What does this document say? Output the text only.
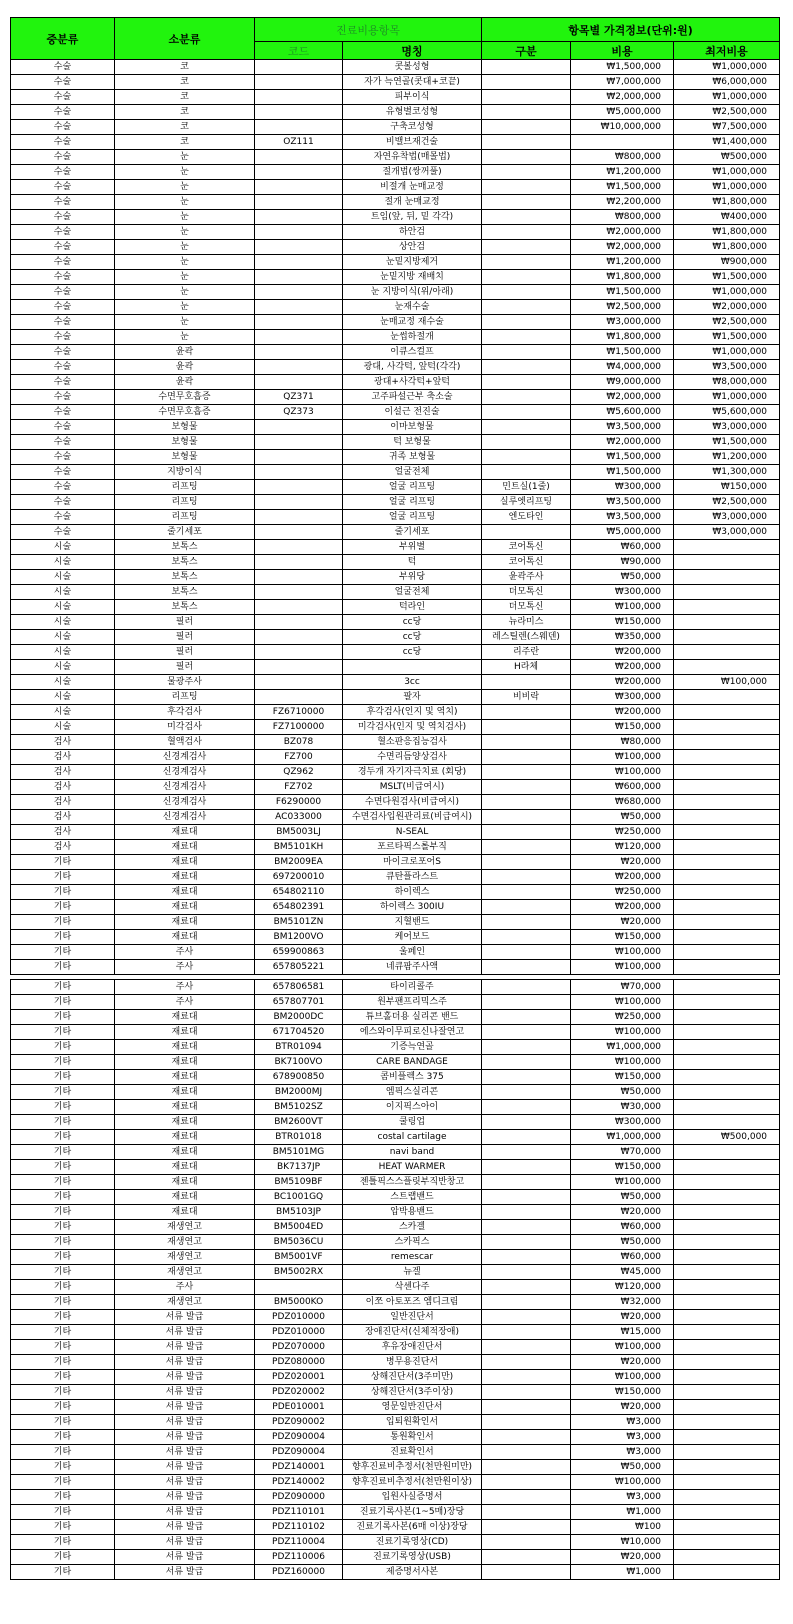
중분류	소분류	진료비용항목		항목별 가격정보(단위:원)		
		코드	명칭	구분	비용	최저비용
수술	코		콧볼성형		₩1,500,000	₩1,000,000
수술	코		자가 늑연골(콧대+코끝)		₩7,000,000	₩6,000,000
수술	코		피부이식		₩2,000,000	₩1,000,000
수술	코		유형별코성형		₩5,000,000	₩2,500,000
수술	코		구축코성형		₩10,000,000	₩7,500,000
수술	코	OZ111	비밸브재건술			₩1,400,000
수술	눈		자연유착법(매몰법)		₩800,000	₩500,000
수술	눈		절개법(쌍꺼풀)		₩1,200,000	₩1,000,000
수술	눈		비절개 눈매교정		₩1,500,000	₩1,000,000
수술	눈		절개 눈매교정		₩2,200,000	₩1,800,000
수술	눈		트임(앞, 뒤, 밑 각각)		₩800,000	₩400,000
수술	눈		하안검		₩2,000,000	₩1,800,000
수술	눈		상안검		₩2,000,000	₩1,800,000
수술	눈		눈밑지방제거		₩1,200,000	₩900,000
수술	눈		눈밑지방 재배치		₩1,800,000	₩1,500,000
수술	눈		눈 지방이식(위/아래)		₩1,500,000	₩1,000,000
수술	눈		눈재수술		₩2,500,000	₩2,000,000
수술	눈		눈매교정 재수술		₩3,000,000	₩2,500,000
수술	눈		눈썹하절개		₩1,800,000	₩1,500,000
수술	윤곽		이큐스컬프		₩1,500,000	₩1,000,000
수술	윤곽		광대, 사각턱, 앞턱(각각)		₩4,000,000	₩3,500,000
수술	윤곽		광대+사각턱+앞턱		₩9,000,000	₩8,000,000
수술	수면무호흡증	QZ371	고주파설근부 축소술		₩2,000,000	₩1,000,000
수술	수면무호흡증	QZ373	이설근 전진술		₩5,600,000	₩5,600,000
수술	보형물		이마보형물		₩3,500,000	₩3,000,000
수술	보형물		턱 보형물		₩2,000,000	₩1,500,000
수술	보형물		귀족 보형물		₩1,500,000	₩1,200,000
수술	지방이식		얼굴전체		₩1,500,000	₩1,300,000
수술	리프팅		얼굴 리프팅	민트실(1줄)	₩300,000	₩150,000
수술	리프팅		얼굴 리프팅	실루엣리프팅	₩3,500,000	₩2,500,000
수술	리프팅		얼굴 리프팅	엔도타인	₩3,500,000	₩3,000,000
수술	줄기세포		줄기세포		₩5,000,000	₩3,000,000
시술	보톡스		부위별	코어톡신	₩60,000	
시술	보톡스		턱	코어톡신	₩90,000	
시술	보톡스		부위당	윤곽주사	₩50,000	
시술	보톡스		얼굴전체	더모톡신	₩300,000	
시술	보톡스		턱라인	더모톡신	₩100,000	
시술	필러		cc당	뉴라미스	₩150,000	
시술	필러		cc당	레스틸렌(스웨덴)	₩350,000	
시술	필러		cc당	리주란	₩200,000	
시술	필러			H라체	₩200,000	
시술	물광주사		3cc		₩200,000	₩100,000
시술	리프팅		팔자	비비락	₩300,000	
시술	후각검사	FZ6710000	후각검사(인지 및 역치)		₩200,000	
시술	미각검사	FZ7100000	미각검사(인지 및 역치검사)		₩150,000	
검사	혈액검사	BZ078	혈소판응집능검사		₩80,000	
검사	신경계검사	FZ700	수면리듬양상검사		₩100,000	
검사	신경계검사	QZ962	경두개 자기자극치료 (회당)		₩100,000	
검사	신경계검사	FZ702	MSLT(비급여시)		₩600,000	
검사	신경계검사	F6290000	수면다원검사(비급여시)		₩680,000	
검사	신경계검사	AC033000	수면검사입원관리료(비급여시)		₩50,000	
검사	재료대	BM5003LJ	N-SEAL		₩250,000	
검사	재료대	BM5101KH	포르타픽스롤부직		₩120,000	
기타	재료대	BM2009EA	마이크로포어S		₩20,000	
기타	재료대	697200010	큐탄플라스트		₩200,000	
기타	재료대	654802110	하이렉스		₩250,000	
기타	재료대	654802391	하이렉스 300IU		₩200,000	
기타	재료대	BM5101ZN	지혈밴드		₩20,000	
기타	재료대	BM1200VO	케어보드		₩150,000	
기타	주사	659900863	울페인		₩100,000	
기타	주사	657805221	네큐팜주사액		₩100,000	

기타	주사	657806581	타이리콜주		₩70,000	
기타	주사	657807701	원부팬프리믹스주		₩100,000	
기타	재료대	BM2000DC	튜브홀더용 실리콘 밴드		₩250,000	
기타	재료대	671704520	에스와이무피로신나잘연고		₩100,000	
기타	재료대	BTR01094	기증늑연골		₩1,000,000	
기타	재료대	BK7100VO	CARE BANDAGE		₩100,000	
기타	재료대	678900850	콤비플렉스 375		₩150,000	
기타	재료대	BM2000MJ	엠픽스실리콘		₩50,000	
기타	재료대	BM5102SZ	이지픽스아이		₩30,000	
기타	재료대	BM2600VT	쿨링업		₩300,000	
기타	재료대	BTR01018	costal cartilage		₩1,000,000	₩500,000
기타	재료대	BM5101MG	navi band		₩70,000	
기타	재료대	BK7137JP	HEAT WARMER		₩150,000	
기타	재료대	BM5109BF	젠틀픽스스플릿부직반창고		₩100,000	
기타	재료대	BC1001GQ	스트랩밴드		₩50,000	
기타	재료대	BM5103JP	압박용밴드		₩20,000	
기타	재생연고	BM5004ED	스카겔		₩60,000	
기타	재생연고	BM5036CU	스카픽스		₩50,000	
기타	재생연고	BM5001VF	remescar		₩60,000	
기타	재생연고	BM5002RX	뉴겔		₩45,000	
기타	주사		삭센다주		₩120,000	
기타	재생연고	BM5000KO	이쪼 아토포즈 엠디크림		₩32,000	
기타	서류 발급	PDZ010000	일반진단서		₩20,000	
기타	서류 발급	PDZ010000	장애진단서(신체적장애)		₩15,000	
기타	서류 발급	PDZ070000	후유장애진단서		₩100,000	
기타	서류 발급	PDZ080000	병무용진단서		₩20,000	
기타	서류 발급	PDZ020001	상해진단서(3주미만)		₩100,000	
기타	서류 발급	PDZ020002	상해진단서(3주이상)		₩150,000	
기타	서류 발급	PDE010001	영문일반진단서		₩20,000	
기타	서류 발급	PDZ090002	입퇴원확인서		₩3,000	
기타	서류 발급	PDZ090004	통원확인서		₩3,000	
기타	서류 발급	PDZ090004	진료확인서		₩3,000	
기타	서류 발급	PDZ140001	향후진료비추정서(천만원미만)		₩50,000	
기타	서류 발급	PDZ140002	향후진료비추정서(천만원이상)		₩100,000	
기타	서류 발급	PDZ090000	입원사실증명서		₩3,000	
기타	서류 발급	PDZ110101	진료기록사본(1~5매)장당		₩1,000	
기타	서류 발급	PDZ110102	진료기록사본(6매 이상)장당		₩100	
기타	서류 발급	PDZ110004	진료기록영상(CD)		₩10,000	
기타	서류 발급	PDZ110006	진료기록영상(USB)		₩20,000	
기타	서류 발급	PDZ160000	제증명서사본		₩1,000	
